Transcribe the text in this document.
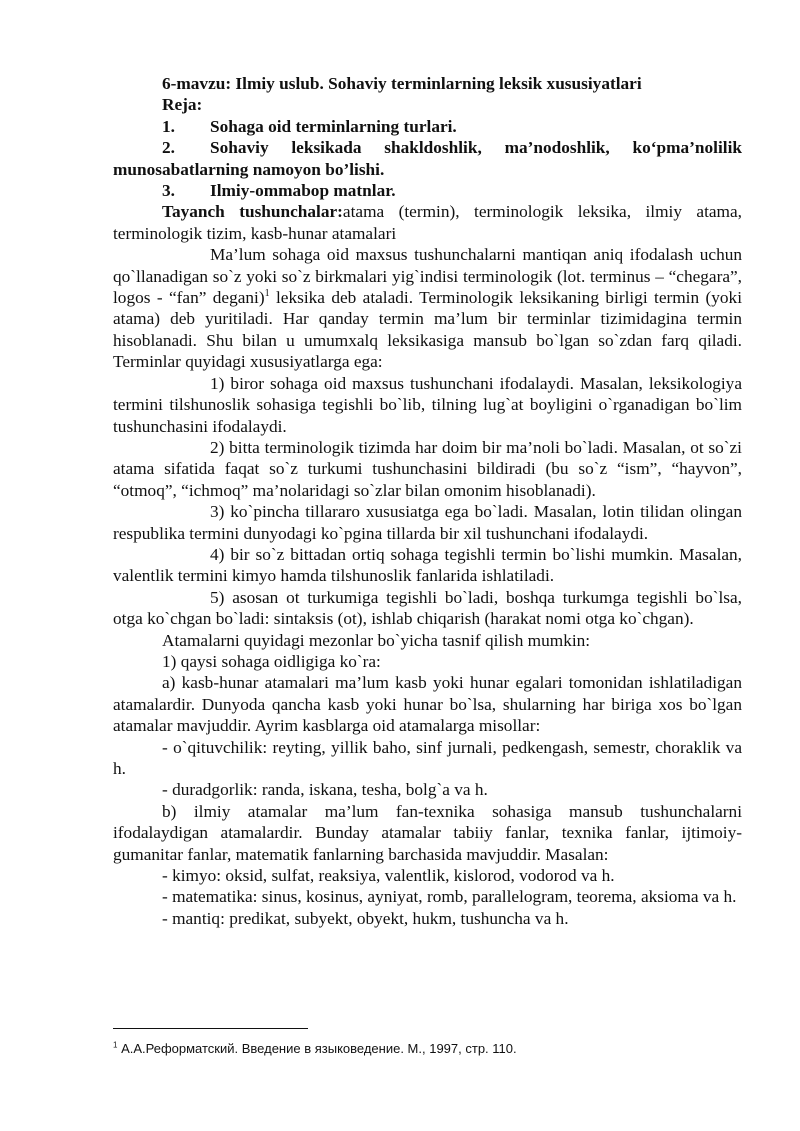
6-mavzu: Ilmiy uslub. Sohaviy terminlarning leksik xususiyatlari

Reja:

1. Sohaga oid terminlarning turlari.

2. Sohaviy leksikada shakldoshlik, ma’nodoshlik, ko‘pma’nolilik munosabatlarning namoyon bo’lishi.

3. Ilmiy-ommabop matnlar.

Tayanch tushunchalar:atama (termin), terminologik leksika, ilmiy atama, terminologik tizim, kasb-hunar atamalari

Ma’lum sohaga oid maxsus tushunchalarni mantiqan aniq ifodalash uchun qo`llanadigan so`z yoki so`z birkmalari yig`indisi terminologik (lot. terminus – “chegara”, logos - “fan” degani)$^1$ leksika deb ataladi. Terminologik leksikaning birligi termin (yoki atama) deb yuritiladi. Har qanday termin ma’lum bir terminlar tizimidagina termin hisoblanadi. Shu bilan u umumxalq leksikasiga mansub bo`lgan so`zdan farq qiladi. Terminlar quyidagi xususiyatlarga ega:

1) biror sohaga oid maxsus tushunchani ifodalaydi. Masalan, leksikologiya termini tilshunoslik sohasiga tegishli bo`lib, tilning lug`at boyligini o`rganadigan bo`lim tushunchasini ifodalaydi.

2) bitta terminologik tizimda har doim bir ma’noli bo`ladi. Masalan, ot so`zi atama sifatida faqat so`z turkumi tushunchasini bildiradi (bu so`z “ism”, “hayvon”, “otmoq”, “ichmoq” ma’nolaridagi so`zlar bilan omonim hisoblanadi).

3) ko`pincha tillararo xususiatga ega bo`ladi. Masalan, lotin tilidan olingan respublika termini dunyodagi ko`pgina tillarda bir xil tushunchani ifodalaydi.

4) bir so`z bittadan ortiq sohaga tegishli termin bo`lishi mumkin. Masalan, valentlik termini kimyo hamda tilshunoslik fanlarida ishlatiladi.

5) asosan ot turkumiga tegishli bo`ladi, boshqa turkumga tegishli bo`lsa, otga ko`chgan bo`ladi: sintaksis (ot), ishlab chiqarish (harakat nomi otga ko`chgan).

Atamalarni quyidagi mezonlar bo`yicha tasnif qilish mumkin:

1) qaysi sohaga oidligiga ko`ra:

a) kasb-hunar atamalari ma’lum kasb yoki hunar egalari tomonidan ishlatiladigan atamalardir. Dunyoda qancha kasb yoki hunar bo`lsa, shularning har biriga xos bo`lgan atamalar mavjuddir. Ayrim kasblarga oid atamalarga misollar:

- o`qituvchilik: reyting, yillik baho, sinf jurnali, pedkengash, semestr, choraklik va h.

- duradgorlik: randa, iskana, tesha, bolg`a va h.

b) ilmiy atamalar ma’lum fan-texnika sohasiga mansub tushunchalarni ifodalaydigan atamalardir. Bunday atamalar tabiiy fanlar, texnika fanlar, ijtimoiy-gumanitar fanlar, matematik fanlarning barchasida mavjuddir. Masalan:

- kimyo: oksid, sulfat, reaksiya, valentlik, kislorod, vodorod va h.

- matematika: sinus, kosinus, ayniyat, romb, parallelogram, teorema, aksioma va h.

- mantiq: predikat, subyekt, obyekt, hukm, tushuncha va h.

$^1$ А.А.Реформатский. Введение в языковедение. М., 1997, стр. 110.
